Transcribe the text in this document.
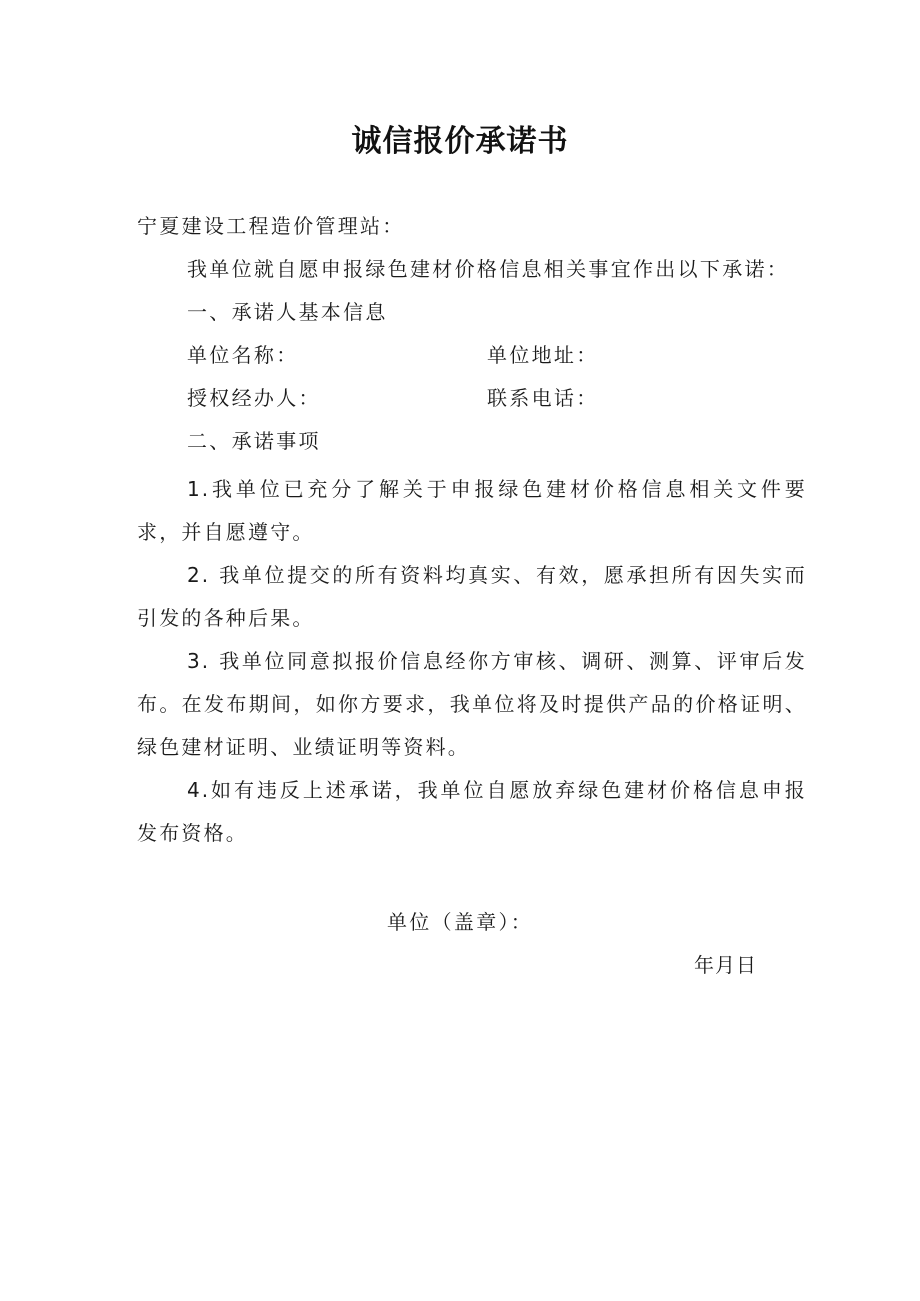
诚信报价承诺书
宁夏建设工程造价管理站：
我单位就自愿申报绿色建材价格信息相关事宜作出以下承诺：
一、承诺人基本信息
单位名称：	单位地址：
授权经办人：	联系电话：
二、承诺事项
1 .我单位已充分了解关于申报绿色建材价格信息相关文件要求，并自愿遵守。
2 . 我单位提交的所有资料均真实、有效，愿承担所有因失实而引发的各种后果。
3 . 我单位同意拟报价信息经你方审核、调研、测算、评审后发布。在发布期间，如你方要求，我单位将及时提供产品的价格证明、绿色建材证明、业绩证明等资料。
4 .如有违反上述承诺，我单位自愿放弃绿色建材价格信息申报发布资格。
单位（盖章）：
年月日
